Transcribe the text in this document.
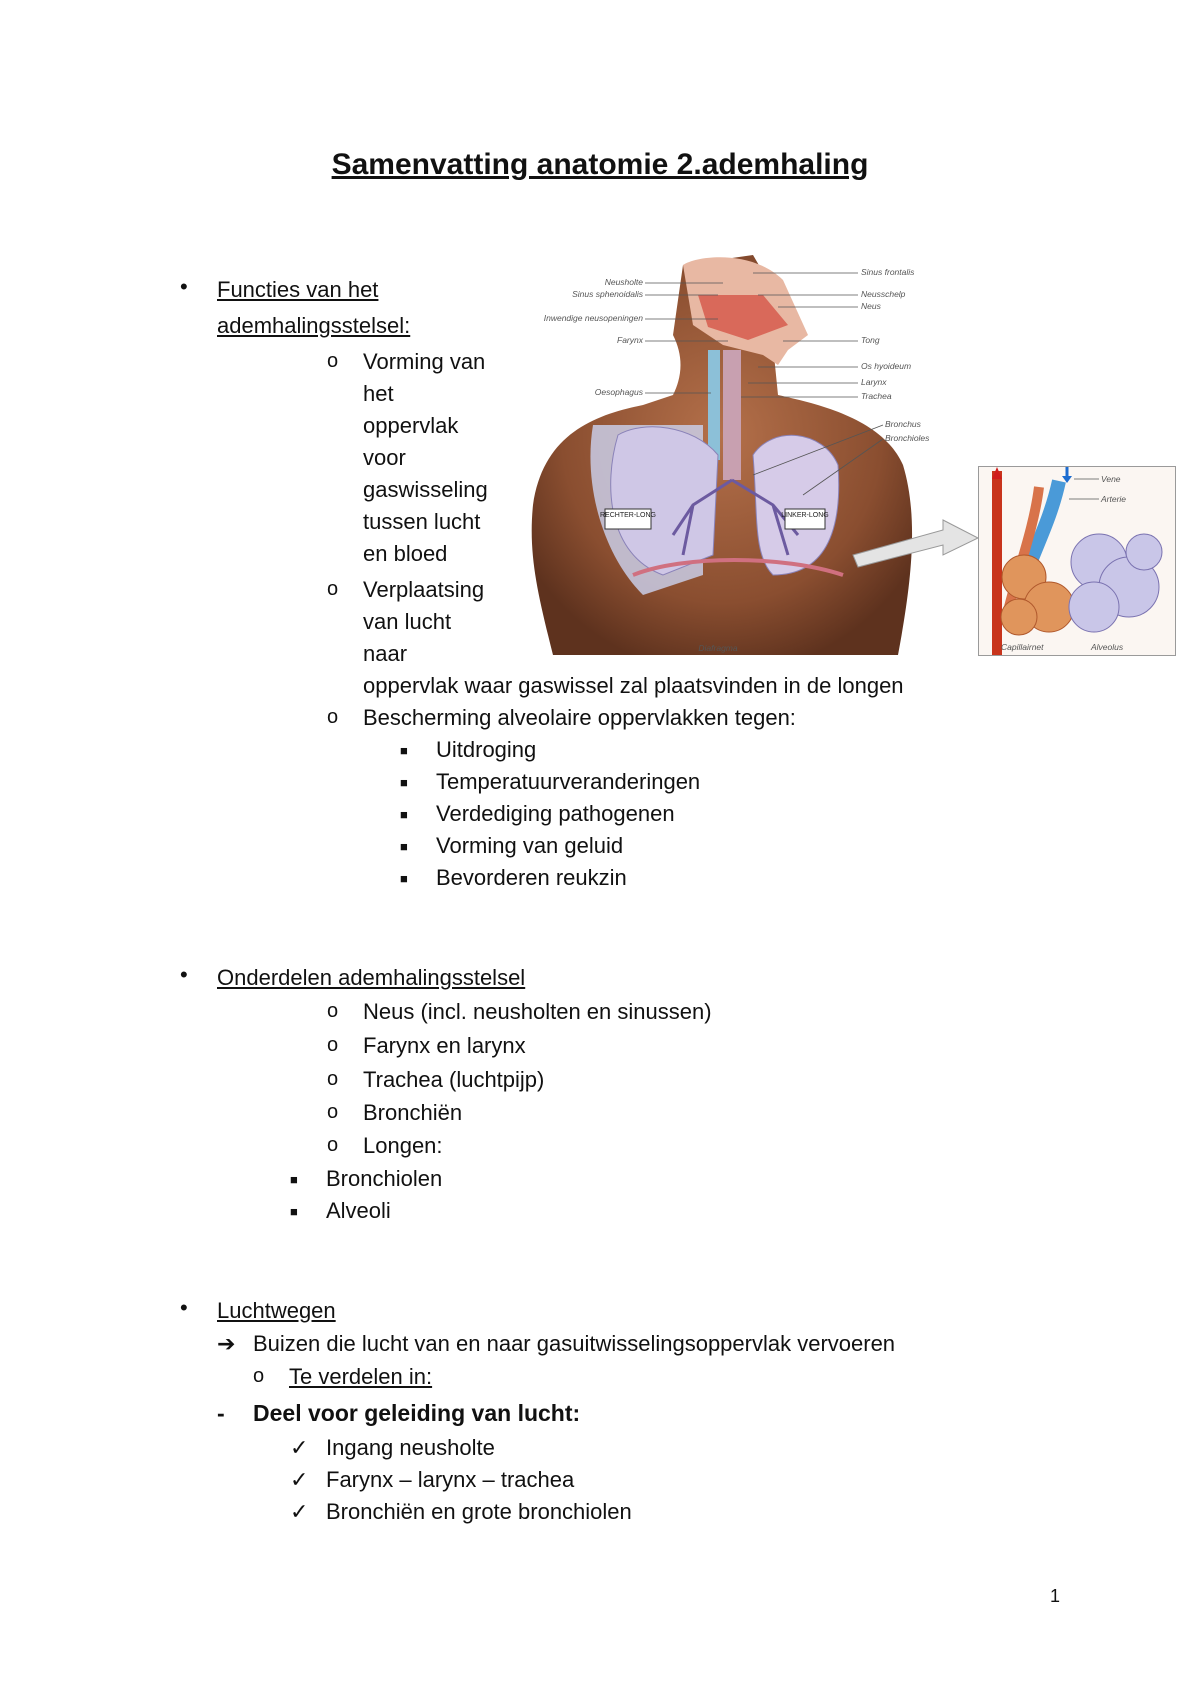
Samenvatting anatomie 2.ademhaling
• Functies van het
ademhalingsstelsel:
o Vorming van
het
oppervlak
voor
gaswisseling
tussen lucht
en bloed
o Verplaatsing
van lucht
naar
oppervlak waar gaswissel zal plaatsvinden in de longen
o Bescherming alveolaire oppervlakken tegen:
■ Uitdroging
■ Temperatuurveranderingen
■ Verdediging pathogenen
■ Vorming van geluid
■ Bevorderen reukzin
RECHTER-LONG	LINKER-LONG
Neusholte
Sinus sphenoidalis
Inwendige neusopeningen
Farynx
Oesophagus
Sinus frontalis
Neusschelp
Neus
Tong
Os hyoideum
Larynx
Trachea
Bronchus
Bronchioles
Diafragma
Vene
Arterie
Capillairnet	Alveolus
• Onderdelen ademhalingsstelsel
o Neus (incl. neusholten en sinussen)
o Farynx en larynx
o Trachea (luchtpijp)
o Bronchiën
o Longen:
■ Bronchiolen
■ Alveoli
• Luchtwegen
➔ Buizen die lucht van en naar gasuitwisselingsoppervlak vervoeren
o Te verdelen in:
- Deel voor geleiding van lucht:
✓ Ingang neusholte
✓ Farynx – larynx – trachea
✓ Bronchiën en grote bronchiolen
1
